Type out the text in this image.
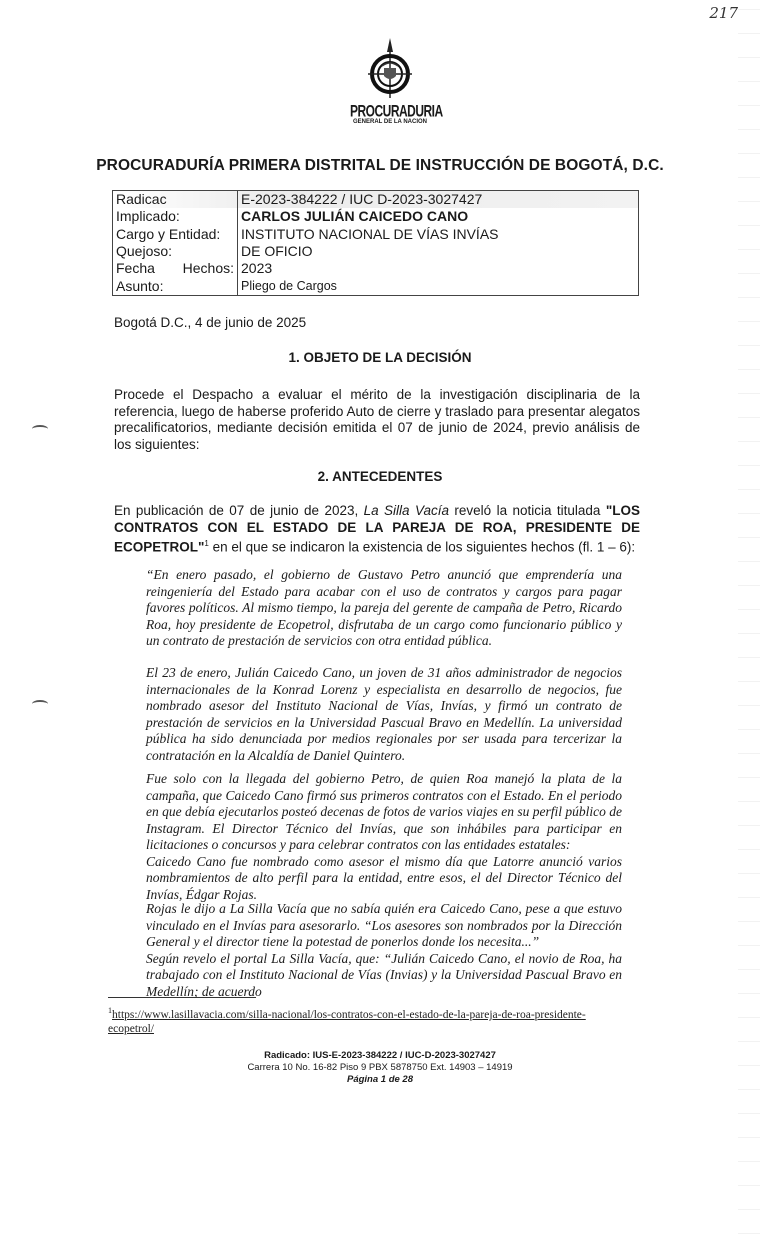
217
PROCURADURIA
GENERAL DE LA NACION
PROCURADURÍA PRIMERA DISTRITAL DE INSTRUCCIÓN DE BOGOTÁ, D.C.
Radicac	E-2023-384222 / IUC D-2023-3027427
Implicado:	CARLOS JULIÁN CAICEDO CANO
Cargo y Entidad:	INSTITUTO NACIONAL DE VÍAS INVÍAS
Quejoso:	DE OFICIO

Fecha Hechos:	2023
Asunto:	Pliego de Cargos
Bogotá D.C., 4 de junio de 2025
1. OBJETO DE LA DECISIÓN
Procede el Despacho a evaluar el mérito de la investigación disciplinaria de la referencia, luego de haberse proferido Auto de cierre y traslado para presentar alegatos precalificatorios, mediante decisión emitida el 07 de junio de 2024, previo análisis de los siguientes:
2. ANTECEDENTES
En publicación de 07 de junio de 2023, La Silla Vacía reveló la noticia titulada "LOS CONTRATOS CON EL ESTADO DE LA PAREJA DE ROA, PRESIDENTE DE ECOPETROL"$^1$ en el que se indicaron la existencia de los siguientes hechos (fl. 1 – 6):

“En enero pasado, el gobierno de Gustavo Petro anunció que emprendería una reingeniería del Estado para acabar con el uso de contratos y cargos para pagar favores políticos. Al mismo tiempo, la pareja del gerente de campaña de Petro, Ricardo Roa, hoy presidente de Ecopetrol, disfrutaba de un cargo como funcionario público y un contrato de prestación de servicios con otra entidad pública.

El 23 de enero, Julián Caicedo Cano, un joven de 31 años administrador de negocios internacionales de la Konrad Lorenz y especialista en desarrollo de negocios, fue nombrado asesor del Instituto Nacional de Vías, Invías, y firmó un contrato de prestación de servicios en la Universidad Pascual Bravo en Medellín. La universidad pública ha sido denunciada por medios regionales por ser usada para tercerizar la contratación en la Alcaldía de Daniel Quintero.

Fue solo con la llegada del gobierno Petro, de quien Roa manejó la plata de la campaña, que Caicedo Cano firmó sus primeros contratos con el Estado. En el periodo en que debía ejecutarlos posteó decenas de fotos de varios viajes en su perfil público de Instagram. El Director Técnico del Invías, que son inhábiles para participar en licitaciones o concursos y para celebrar contratos con las entidades estatales:

Caicedo Cano fue nombrado como asesor el mismo día que Latorre anunció varios nombramientos de alto perfil para la entidad, entre esos, el del Director Técnico del Invías, Édgar Rojas.

Rojas le dijo a La Silla Vacía que no sabía quién era Caicedo Cano, pese a que estuvo vinculado en el Invías para asesorarlo. “Los asesores son nombrados por la Dirección General y el director tiene la potestad de ponerlos donde los necesita...”

Según revelo el portal La Silla Vacía, que: “Julián Caicedo Cano, el novio de Roa, ha trabajado con el Instituto Nacional de Vías (Invias) y la Universidad Pascual Bravo en Medellín; de acuerdo

$^1$https://www.lasillavacia.com/silla-nacional/los-contratos-con-el-estado-de-la-pareja-de-roa-presidente-ecopetrol/
Radicado: IUS-E-2023-384222 / IUC-D-2023-3027427
Carrera 10 No. 16-82 Piso 9 PBX 5878750 Ext. 14903 – 14919
Página 1 de 28
